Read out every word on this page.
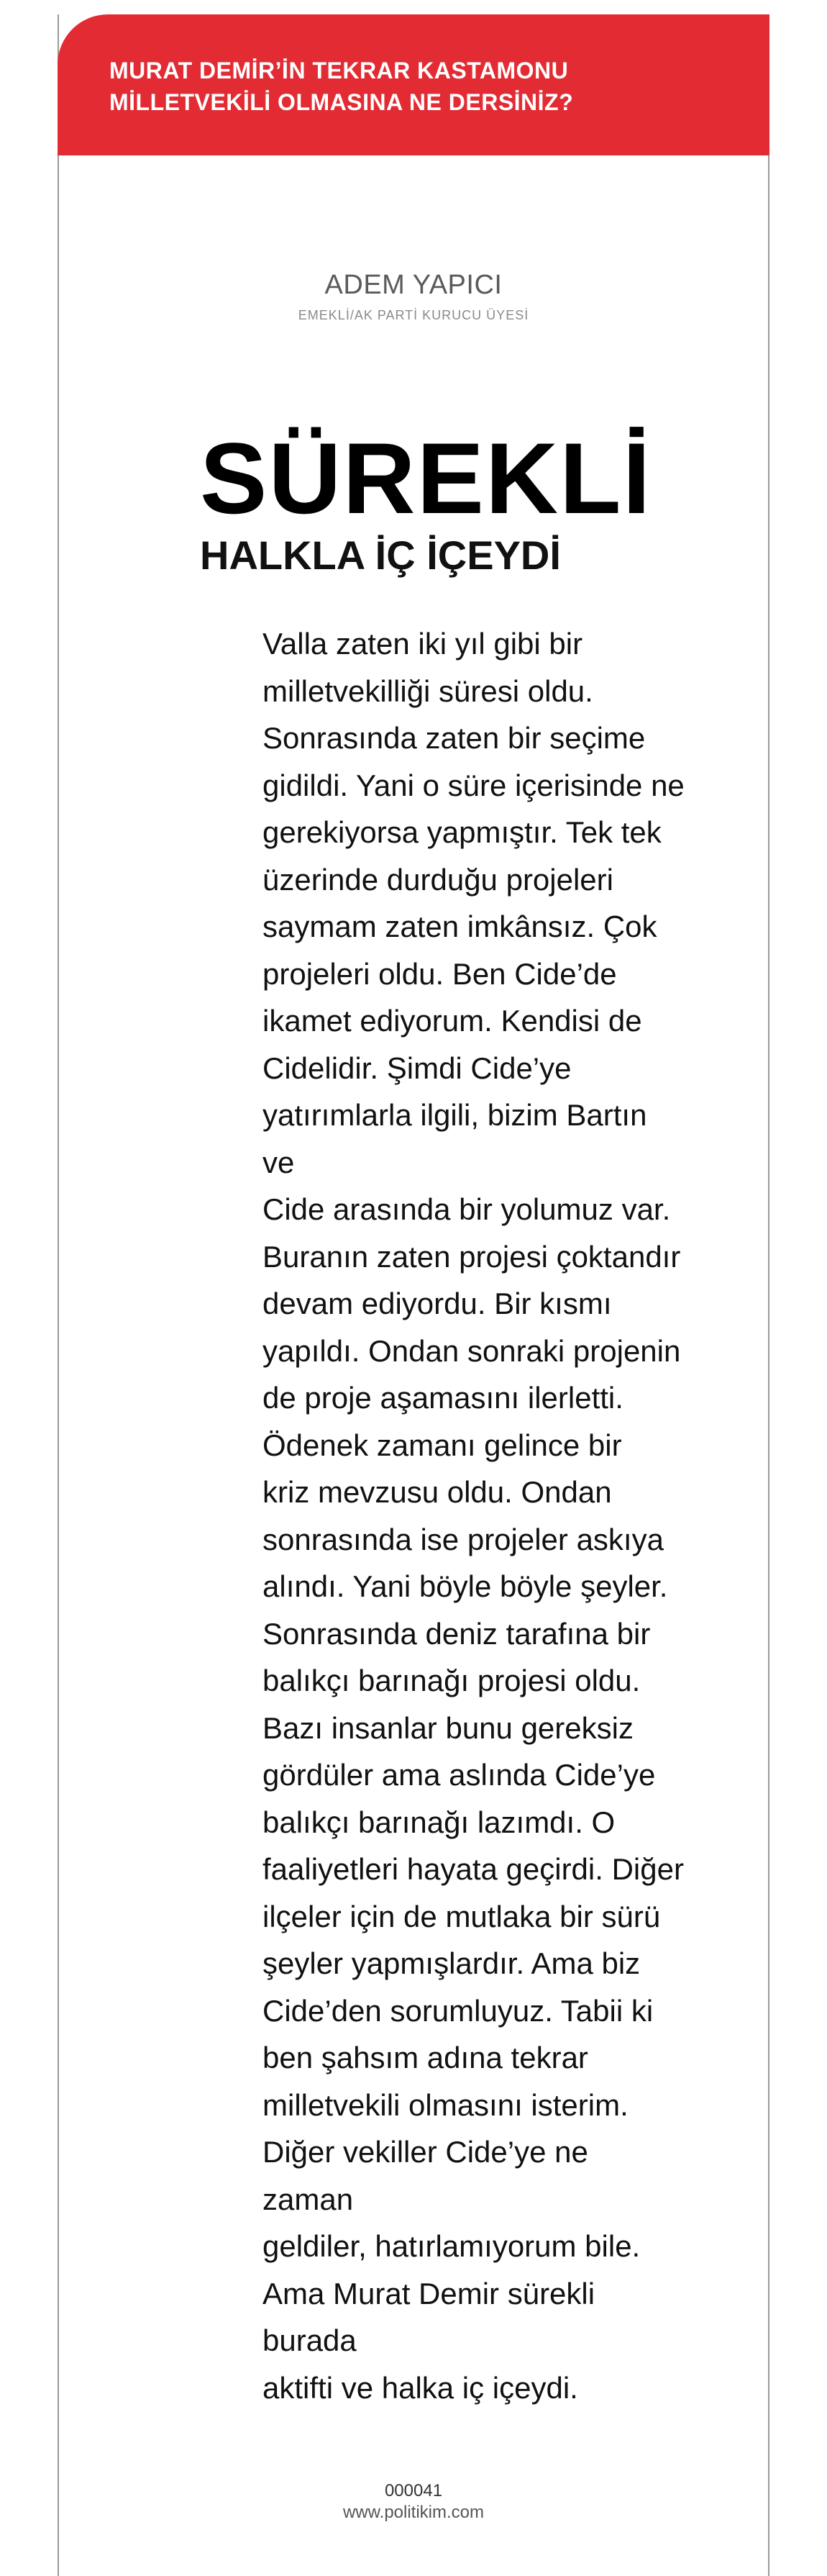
MURAT DEMİR’İN TEKRAR KASTAMONU
MİLLETVEKİLİ OLMASINA NE DERSİNİZ?

ADEM YAPICI
EMEKLİ/AK PARTİ KURUCU ÜYESİ
SÜREKLİ
HALKLA İÇ İÇEYDİ

Valla zaten iki yıl gibi bir
milletvekilliği süresi oldu.
Sonrasında zaten bir seçime
gidildi. Yani o süre içerisinde ne
gerekiyorsa yapmıştır. Tek tek
üzerinde durduğu projeleri
saymam zaten imkânsız. Çok
projeleri oldu. Ben Cide’de
ikamet ediyorum. Kendisi de
Cidelidir. Şimdi Cide’ye
yatırımlarla ilgili, bizim Bartın ve
Cide arasında bir yolumuz var.
Buranın zaten projesi çoktandır
devam ediyordu. Bir kısmı
yapıldı. Ondan sonraki projenin
de proje aşamasını ilerletti.
Ödenek zamanı gelince bir
kriz mevzusu oldu. Ondan
sonrasında ise projeler askıya
alındı. Yani böyle böyle şeyler.
Sonrasında deniz tarafına bir
balıkçı barınağı projesi oldu.
Bazı insanlar bunu gereksiz
gördüler ama aslında Cide’ye
balıkçı barınağı lazımdı. O
faaliyetleri hayata geçirdi. Diğer
ilçeler için de mutlaka bir sürü
şeyler yapmışlardır. Ama biz
Cide’den sorumluyuz. Tabii ki
ben şahsım adına tekrar
milletvekili olmasını isterim.
Diğer vekiller Cide’ye ne zaman
geldiler, hatırlamıyorum bile.
Ama Murat Demir sürekli burada
aktifti ve halka iç içeydi.

000041
www.politikim.com
